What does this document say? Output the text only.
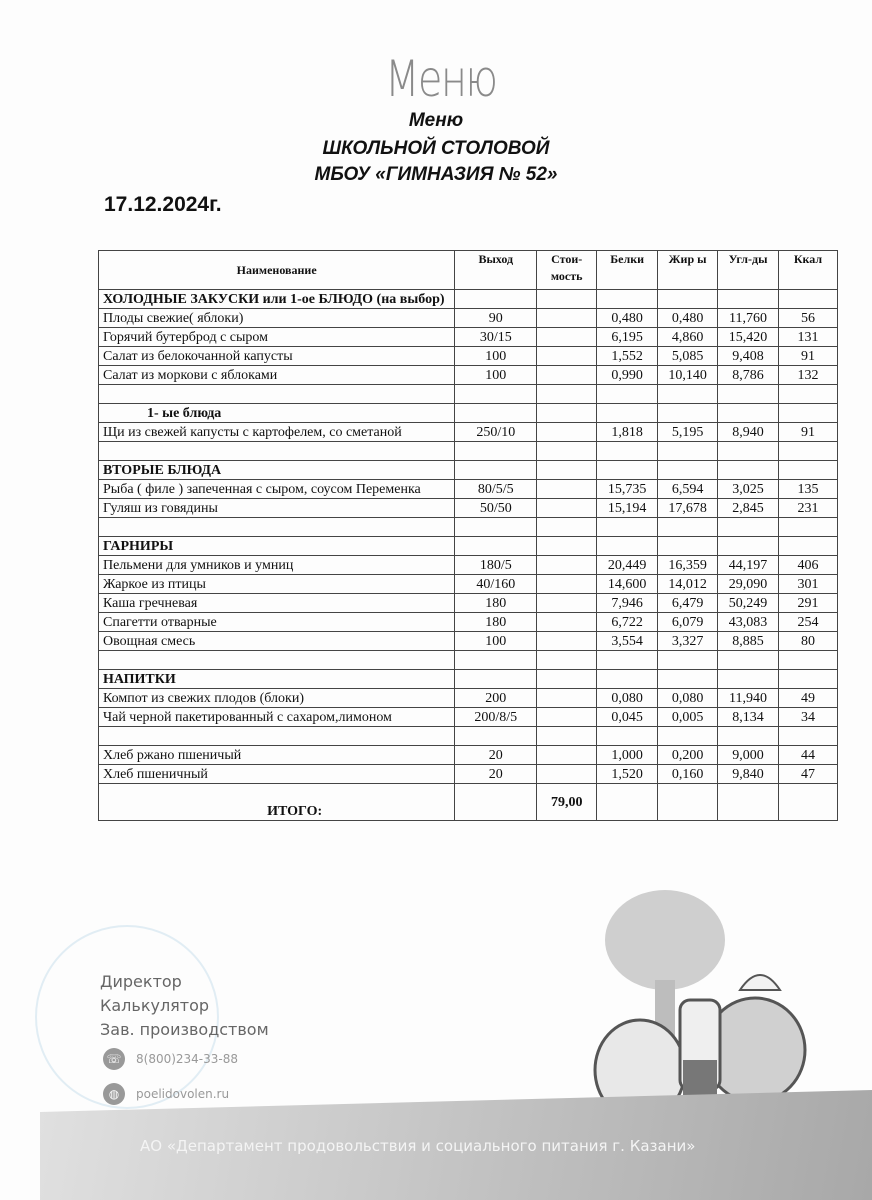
Меню
Меню
ШКОЛЬНОЙ СТОЛОВОЙ
МБОУ «ГИМНАЗИЯ № 52»
17.12.2024г.
Наименование	Выход	Стои-мость	Белки	Жир ы	Угл-ды	Ккал
ХОЛОДНЫЕ ЗАКУСКИ или 1-ое БЛЮДО (на выбор)						
Плоды свежие( яблоки)	90		0,480	0,480	11,760	56
Горячий бутерброд с сыром	30/15		6,195	4,860	15,420	131
Салат из белокочанной капусты	100		1,552	5,085	9,408	91
Салат из моркови с яблоками	100		0,990	10,140	8,786	132

1- ые блюда						
Щи из свежей капусты с картофелем, со сметаной	250/10		1,818	5,195	8,940	91

ВТОРЫЕ БЛЮДА						
Рыба ( филе ) запеченная с сыром, соусом Переменка	80/5/5		15,735	6,594	3,025	135
Гуляш из говядины	50/50		15,194	17,678	2,845	231

ГАРНИРЫ						
Пельмени для умников и умниц	180/5		20,449	16,359	44,197	406
Жаркое из птицы	40/160		14,600	14,012	29,090	301
Каша гречневая	180		7,946	6,479	50,249	291
Спагетти отварные	180		6,722	6,079	43,083	254
Овощная смесь	100		3,554	3,327	8,885	80

НАПИТКИ						
Компот из свежих плодов (блоки)	200		0,080	0,080	11,940	49
Чай черной пакетированный с сахаром,лимоном	200/8/5		0,045	0,005	8,134	34

Хлеб ржано пшеничый	20		1,000	0,200	9,000	44
Хлеб пшеничный	20		1,520	0,160	9,840	47
ИТОГО:		79,00				
Директор
Калькулятор
Зав. производством
☏ 8(800)234-33-88
◍	poelidovolen.ru
АО «Департамент продовольствия и социального питания г. Казани»
